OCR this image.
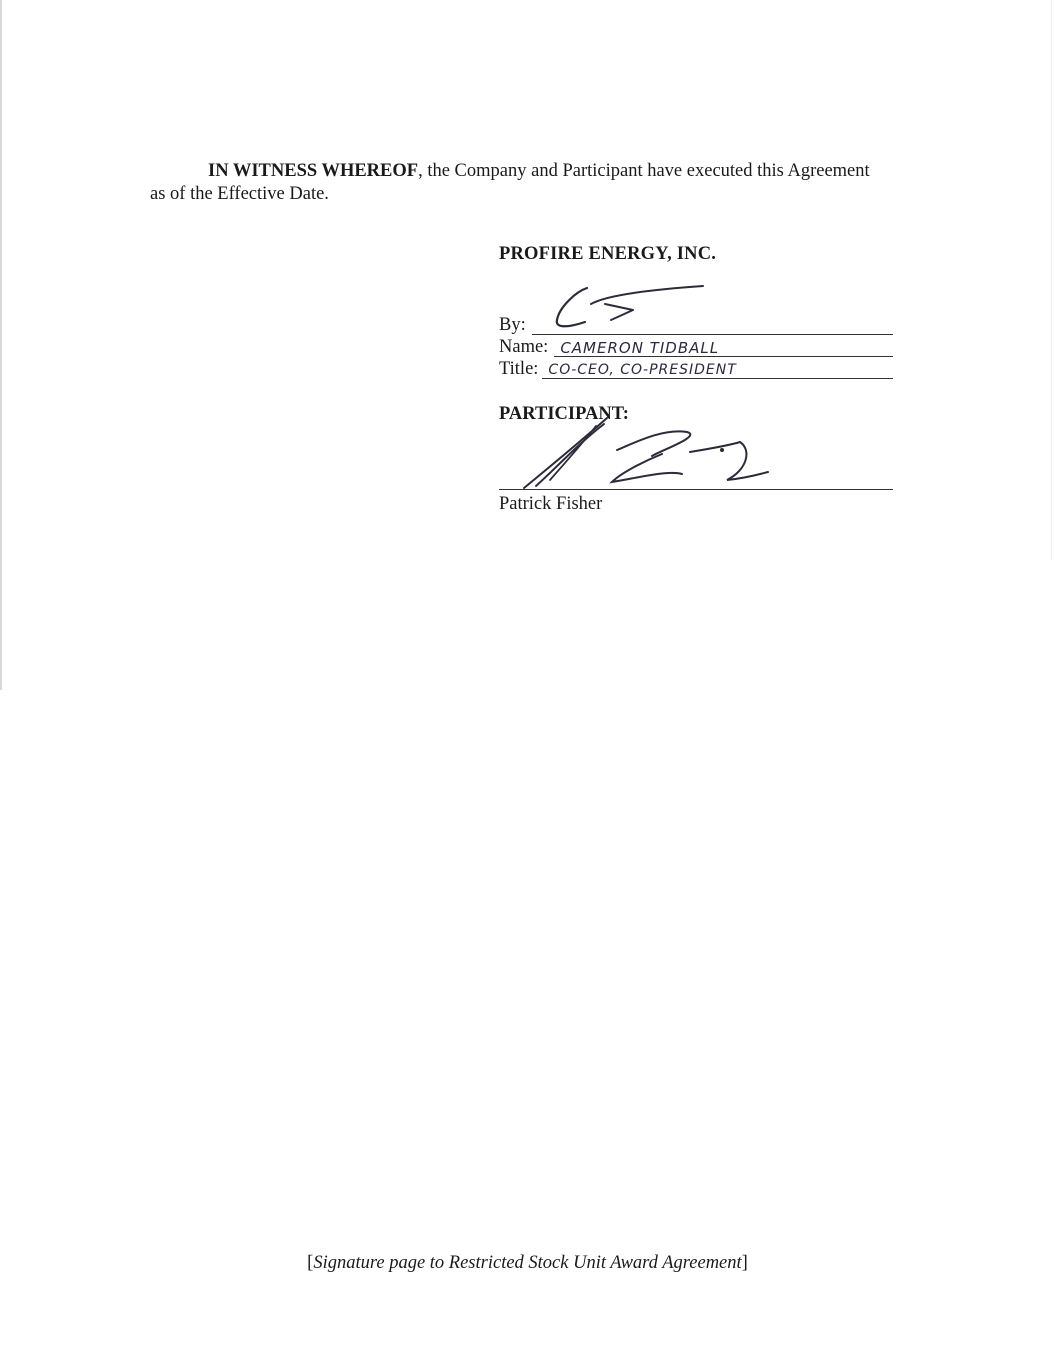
IN WITNESS WHEREOF, the Company and Participant have executed this Agreement
as of the Effective Date.
PROFIRE ENERGY, INC.
By:
Name: CAMERON TIDBALL
Title: CO-CEO, CO-PRESIDENT
PARTICIPANT:
Patrick Fisher
[Signature page to Restricted Stock Unit Award Agreement]
